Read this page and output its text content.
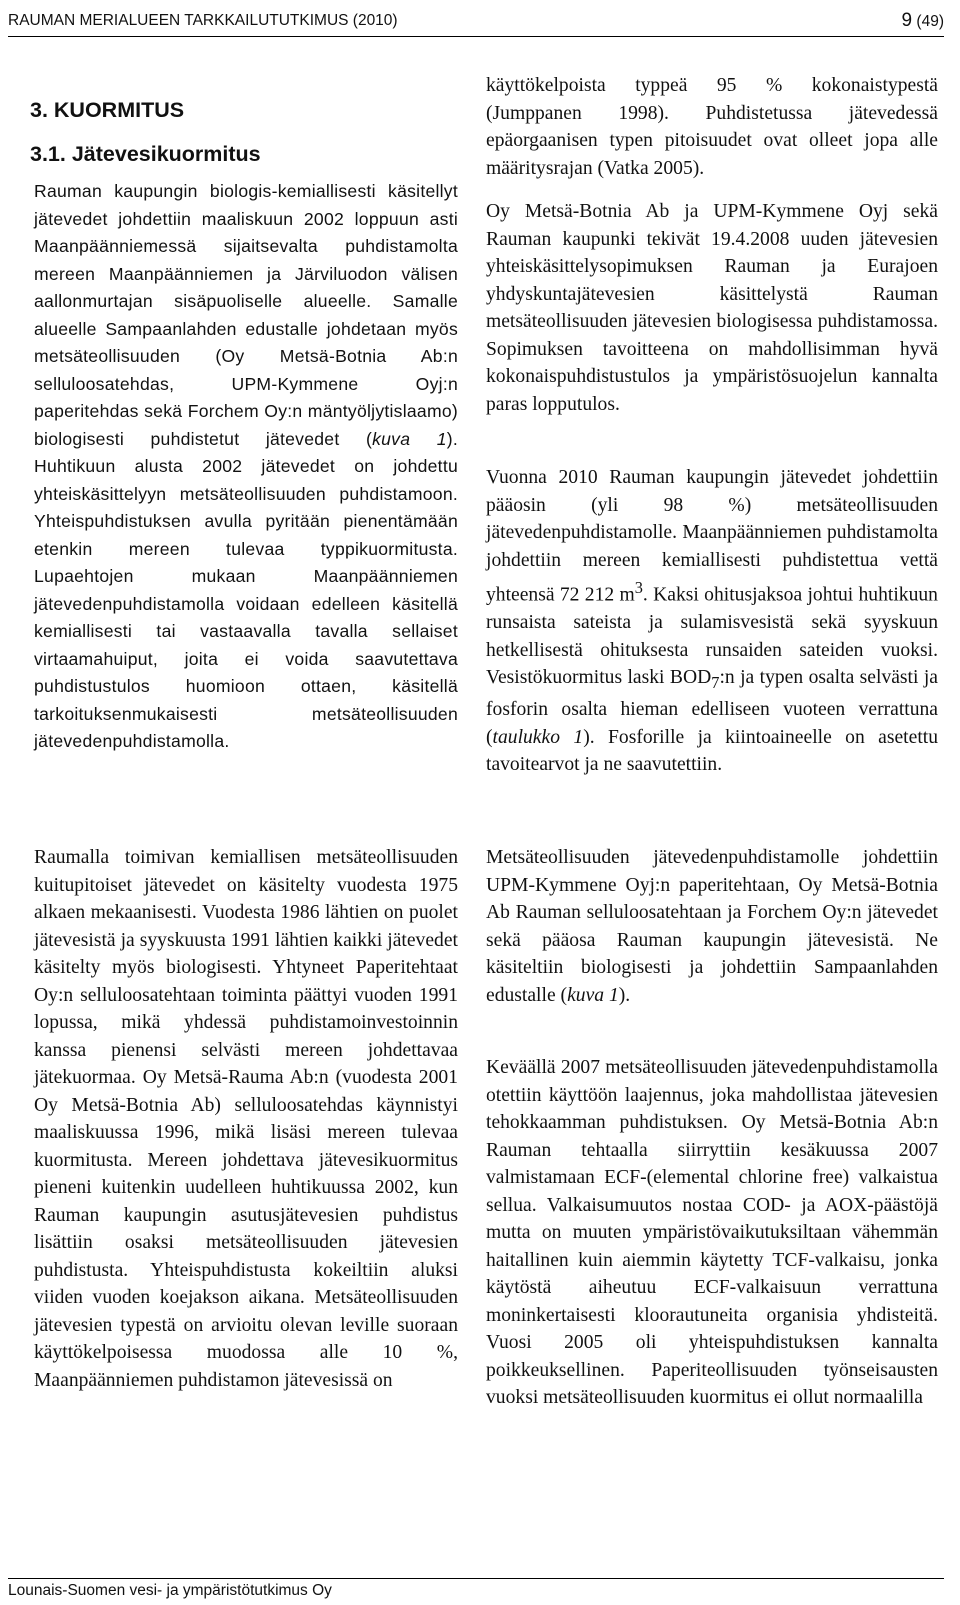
RAUMAN MERIALUEEN TARKKAILUTUTKIMUS (2010)	9 (49)
3. KUORMITUS
3.1. Jätevesikuormitus

Rauman kaupungin biologis-kemiallisesti käsitellyt jätevedet johdettiin maaliskuun 2002 loppuun asti Maanpäänniemessä sijaitsevalta puhdistamolta mereen Maanpäänniemen ja Järviluodon välisen aallonmurtajan sisäpuoliselle alueelle. Samalle alueelle Sampaanlahden edustalle johdetaan myös metsäteollisuuden (Oy Metsä-Botnia Ab:n selluloosatehdas, UPM-Kymmene Oyj:n paperitehdas sekä Forchem Oy:n mäntyöljytislaamo) biologisesti puhdistetut jätevedet (kuva 1). Huhtikuun alusta 2002 jätevedet on johdettu yhteiskäsittelyyn metsäteollisuuden puhdistamoon. Yhteispuhdistuksen avulla pyritään pienentämään etenkin mereen tulevaa typpikuormitusta. Lupaehtojen mukaan Maanpäänniemen jätevedenpuhdistamolla voidaan edelleen käsitellä kemiallisesti tai vastaavalla tavalla sellaiset virtaamahuiput, joita ei voida saavutettava puhdistustulos huomioon ottaen, käsitellä tarkoituksenmukaisesti metsäteollisuuden jätevedenpuhdistamolla.

Raumalla toimivan kemiallisen metsäteollisuuden kuitupitoiset jätevedet on käsitelty vuodesta 1975 alkaen mekaanisesti. Vuodesta 1986 lähtien on puolet jätevesistä ja syyskuusta 1991 lähtien kaikki jätevedet käsitelty myös biologisesti. Yhtyneet Paperitehtaat Oy:n selluloosatehtaan toiminta päättyi vuoden 1991 lopussa, mikä yhdessä puhdistamoinvestoinnin kanssa pienensi selvästi mereen johdettavaa jätekuormaa. Oy Metsä-Rauma Ab:n (vuodesta 2001 Oy Metsä-Botnia Ab) selluloosatehdas käynnistyi maaliskuussa 1996, mikä lisäsi mereen tulevaa kuormitusta. Mereen johdettava jätevesikuormitus pieneni kuitenkin uudelleen huhtikuussa 2002, kun Rauman kaupungin asutusjätevesien puhdistus lisättiin osaksi metsäteollisuuden jätevesien puhdistusta. Yhteispuhdistusta kokeiltiin aluksi viiden vuoden koejakson aikana. Metsäteollisuuden jätevesien typestä on arvioitu olevan leville suoraan käyttökelpoisessa muodossa alle 10 %, Maanpäänniemen puhdistamon jätevesissä on

käyttökelpoista typpeä 95 % kokonaistypestä (Jumppanen 1998). Puhdistetussa jätevedessä epäorgaanisen typen pitoisuudet ovat olleet jopa alle määritysrajan (Vatka 2005).

Oy Metsä-Botnia Ab ja UPM-Kymmene Oyj sekä Rauman kaupunki tekivät 19.4.2008 uuden jätevesien yhteiskäsittelysopimuksen Rauman ja Eurajoen yhdyskuntajätevesien käsittelystä Rauman metsäteollisuuden jätevesien biologisessa puhdistamossa. Sopimuksen tavoitteena on mahdollisimman hyvä kokonaispuhdistustulos ja ympäristösuojelun kannalta paras lopputulos.

Vuonna 2010 Rauman kaupungin jätevedet johdettiin pääosin (yli 98 %) metsäteollisuuden jätevedenpuhdistamolle. Maanpäänniemen puhdistamolta johdettiin mereen kemiallisesti puhdistettua vettä yhteensä 72 212 $m^3$. Kaksi ohitusjaksoa johtui huhtikuun runsaista sateista ja sulamisvesistä sekä syyskuun hetkellisestä ohituksesta runsaiden sateiden vuoksi. Vesistökuormitus laski $BOD_7:n$ ja typen osalta selvästi ja fosforin osalta hieman edelliseen vuoteen verrattuna (taulukko 1). Fosforille ja kiintoaineelle on asetettu tavoitearvot ja ne saavutettiin.

Metsäteollisuuden jätevedenpuhdistamolle johdettiin UPM-Kymmene Oyj:n paperitehtaan, Oy Metsä-Botnia Ab Rauman selluloosatehtaan ja Forchem Oy:n jätevedet sekä pääosa Rauman kaupungin jätevesistä. Ne käsiteltiin biologisesti ja johdettiin Sampaanlahden edustalle (kuva 1).

Keväällä 2007 metsäteollisuuden jätevedenpuhdistamolla otettiin käyttöön laajennus, joka mahdollistaa jätevesien tehokkaamman puhdistuksen. Oy Metsä-Botnia Ab:n Rauman tehtaalla siirryttiin kesäkuussa 2007 valmistamaan ECF-(elemental chlorine free) valkaistua sellua. Valkaisumuutos nostaa COD- ja AOX-päästöjä mutta on muuten ympäristövaikutuksiltaan vähemmän haitallinen kuin aiemmin käytetty TCF-valkaisu, jonka käytöstä aiheutuu ECF-valkaisuun verrattuna moninkertaisesti kloorautuneita organisia yhdisteitä. Vuosi 2005 oli yhteispuhdistuksen kannalta poikkeuksellinen. Paperiteollisuuden työnseisausten vuoksi metsäteollisuuden kuormitus ei ollut normaalilla

Lounais-Suomen vesi- ja ympäristötutkimus Oy
